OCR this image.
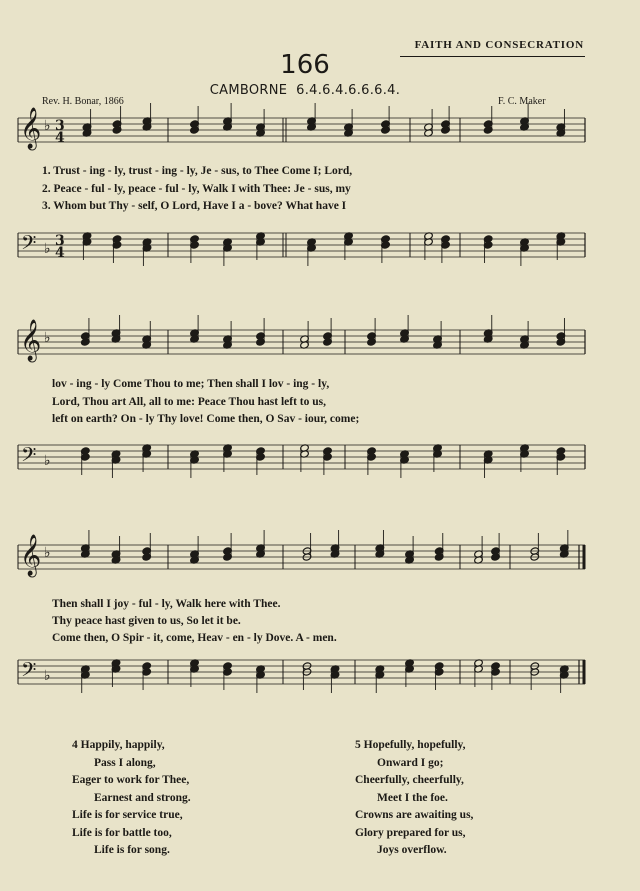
FAITH AND CONSECRATION
166
CAMBORNE 6.4.6.4.6.6.6.4.
Rev. H. Bonar, 1866	F. C. Maker
𝄞
𝄢
♭
♭
3
4
3
4
𝄞
𝄢
♭
♭
𝄞
𝄢
♭
♭
1. Trust - ing - ly, trust - ing - ly, Je - sus, to Thee Come I; Lord,
2. Peace - ful - ly, peace - ful - ly, Walk I with Thee: Je - sus, my
3. Whom but Thy - self, O Lord, Have I a - bove? What have I
lov - ing - ly Come Thou to me; Then shall I lov - ing - ly,
Lord, Thou art All, all to me: Peace Thou hast left to us,
left on earth? On - ly Thy love! Come then, O Sav - iour, come;
Then shall I joy - ful - ly, Walk here with Thee.
Thy peace hast given to us, So let it be.
Come then, O Spir - it, come, Heav - en - ly Dove. A - men.
4 Happily, happily,
Pass I along,
Eager to work for Thee,
Earnest and strong.
Life is for service true,
Life is for battle too,
Life is for song.
5 Hopefully, hopefully,
Onward I go;
Cheerfully, cheerfully,
Meet I the foe.
Crowns are awaiting us,
Glory prepared for us,
Joys overflow.
